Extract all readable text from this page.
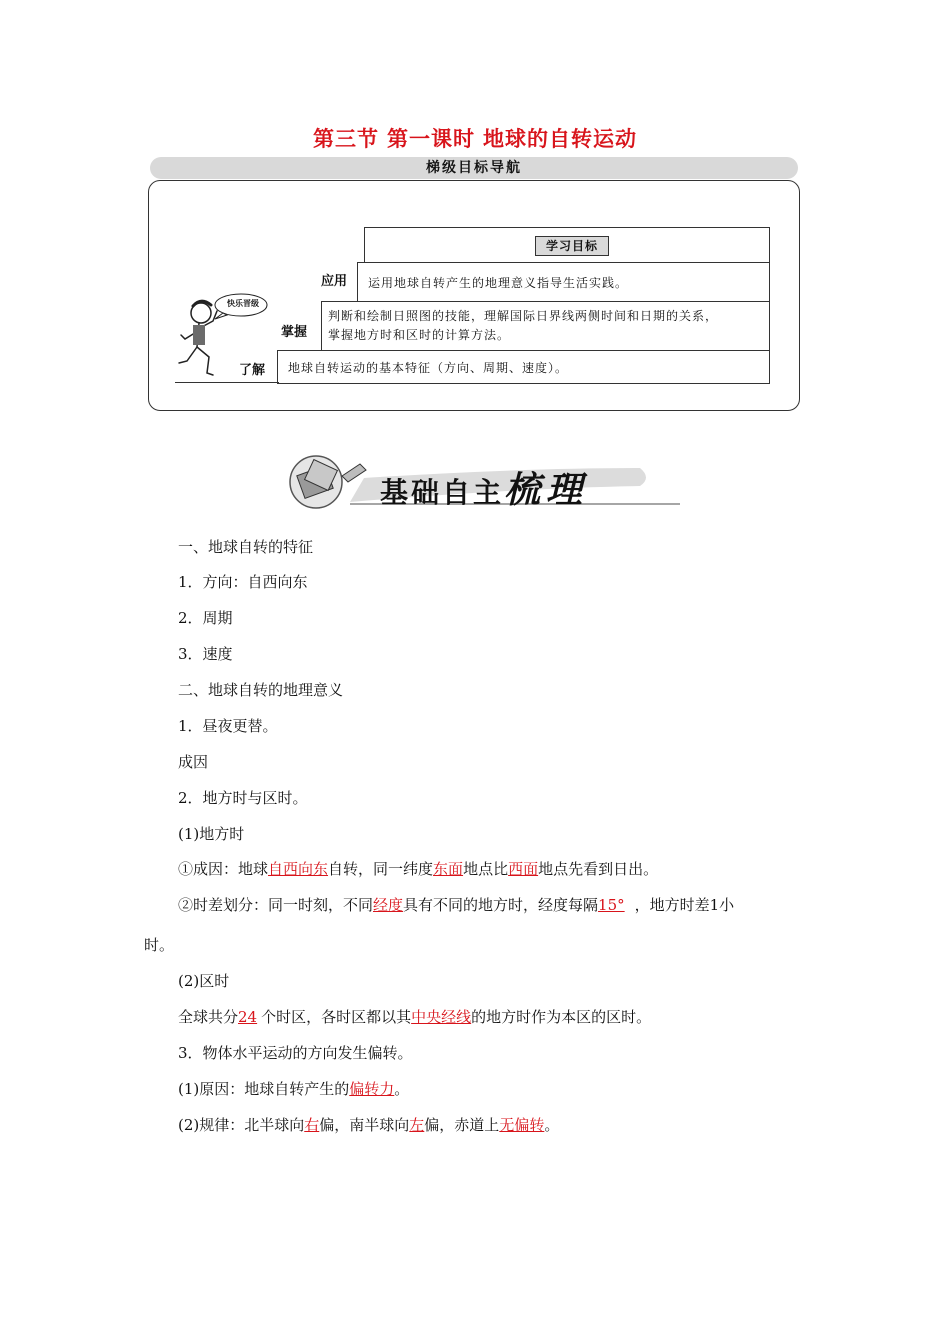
第三节 第一课时 地球的自转运动
梯级目标导航
学习目标
运用地球自转产生的地理意义指导生活实践。
应用
判断和绘制日照图的技能，理解国际日界线两侧时间和日期的关系，
掌握地方时和区时的计算方法。
掌握
地球自转运动的基本特征（方向、周期、速度）。
了解
快乐晋级
基础自主梳理
一、地球自转的特征
1．方向：自西向东
2．周期
3．速度
二、地球自转的地理意义
1．昼夜更替。
成因
2．地方时与区时。
(1)地方时
①成因：地球自西向东自转，同一纬度东面地点比西面地点先看到日出。
②时差划分：同一时刻，不同经度具有不同的地方时，经度每隔15° ，地方时差1小
时。
(2)区时
全球共分24 个时区，各时区都以其中央经线的地方时作为本区的区时。
3．物体水平运动的方向发生偏转。
(1)原因：地球自转产生的偏转力。
(2)规律：北半球向右偏，南半球向左偏，赤道上无偏转。
